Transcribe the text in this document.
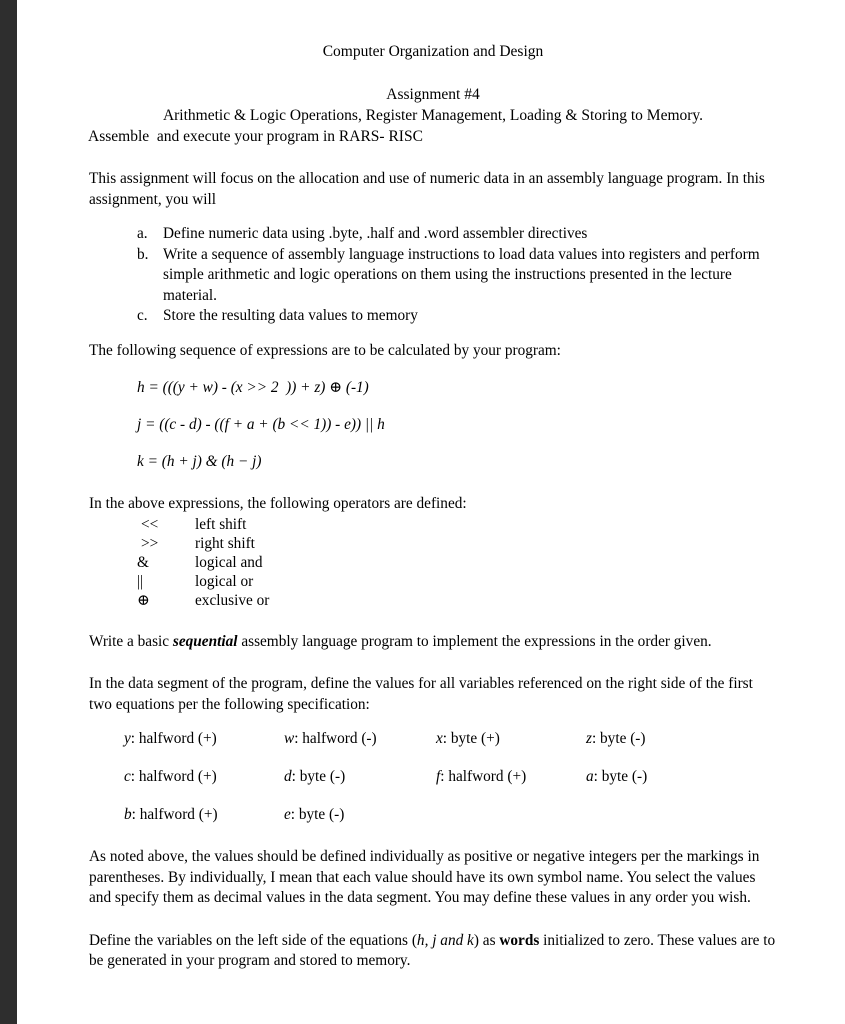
Computer Organization and Design
Assignment #4
Arithmetic & Logic Operations, Register Management, Loading & Storing to Memory.
Assemble  and execute your program in RARS- RISC

This assignment will focus on the allocation and use of numeric data in an assembly language program. In this assignment, you will

a.	Define numeric data using .byte, .half and .word assembler directives
b. Write a sequence of assembly language instructions to load data values into registers and perform simple arithmetic and logic operations on them using the instructions presented in the lecture material.
c.	Store the resulting data values to memory

The following sequence of expressions are to be calculated by your program:

h = (((y + w) - (x >> 2  )) + z) ⊕ (-1)
j = ((c - d) - ((f + a + (b << 1)) - e)) || h
k = (h + j) & (h − j)

In the above expressions, the following operators are defined:

<<	left shift
>>	right shift
&	logical and
||	logical or
⊕	exclusive or

Write a basic sequential assembly language program to implement the expressions in the order given.

In the data segment of the program, define the values for all variables referenced on the right side of the first two equations per the following specification:

y: halfword (+)	w: halfword (-)	x: byte (+)	z: byte (-)
c: halfword (+)	d: byte (-)	f: halfword (+)	a: byte (-)
b: halfword (+)	e: byte (-)		

As noted above, the values should be defined individually as positive or negative integers per the markings in parentheses. By individually, I mean that each value should have its own symbol name. You select the values and specify them as decimal values in the data segment. You may define these values in any order you wish.

Define the variables on the left side of the equations (h, j and k) as words initialized to zero. These values are to be generated in your program and stored to memory.
